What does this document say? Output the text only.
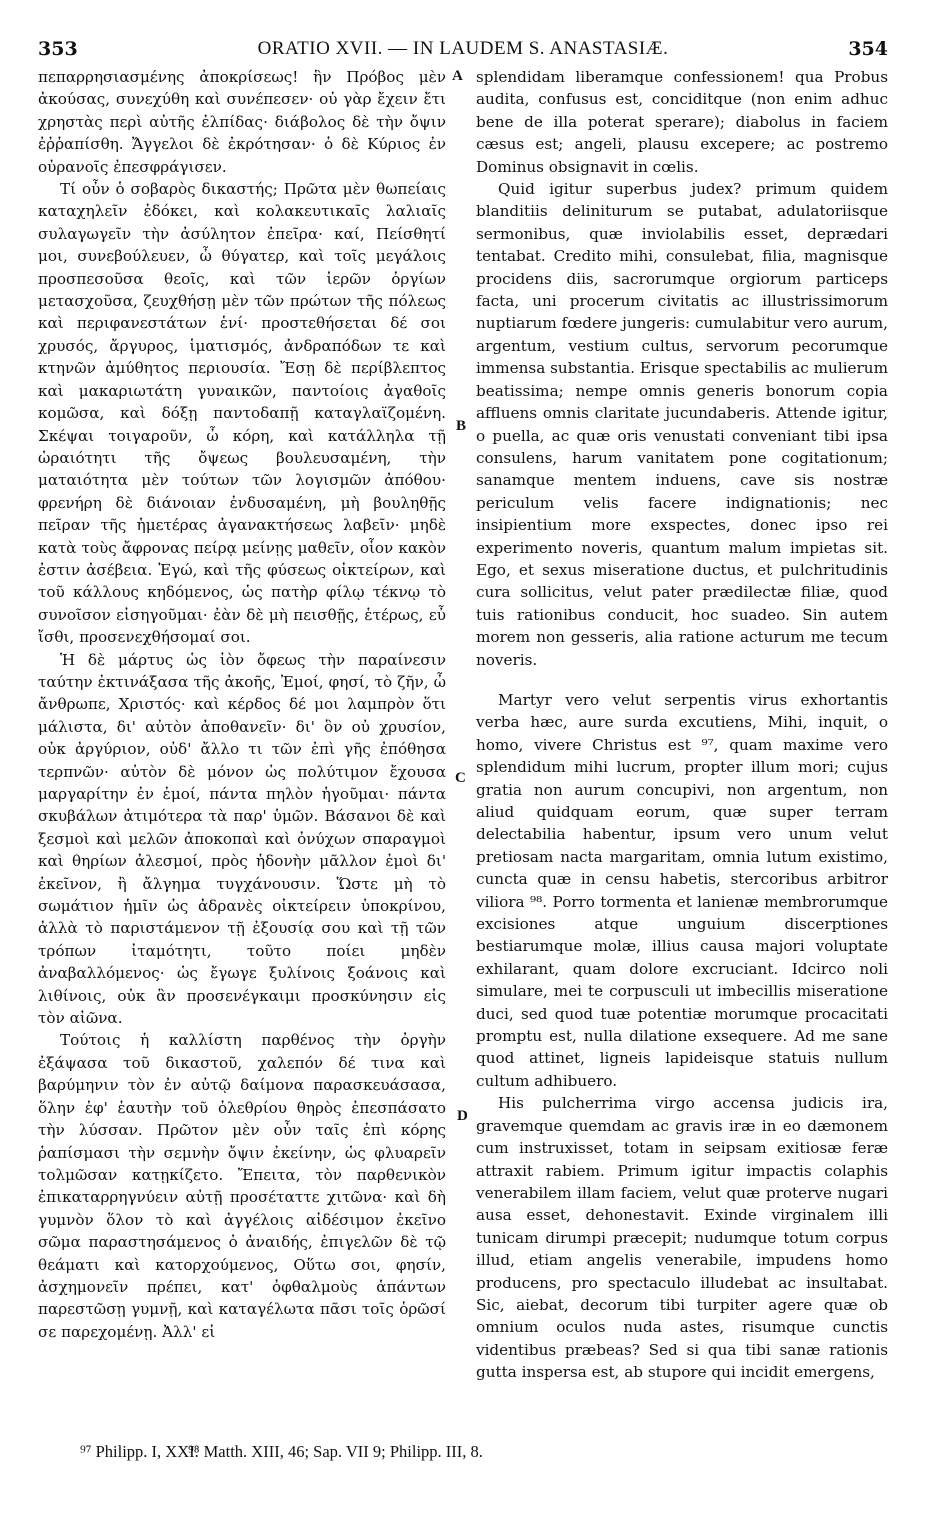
353	ORATIO XVII. — IN LAUDEM S. ANASTASIÆ.	354

πεπαρρησιασμένης ἀποκρίσεως! ἣν Πρόβος μὲν ἀκούσας, συνεχύθη καὶ συνέπεσεν· οὐ γὰρ ἔχειν ἔτι χρηστὰς περὶ αὐτῆς ἐλπίδας· διάβολος δὲ τὴν ὄψιν ἐῤῥαπίσθη. Ἄγγελοι δὲ ἐκρότησαν· ὁ δὲ Κύριος ἐν οὐρανοῖς ἐπεσφράγισεν.

Τί οὖν ὁ σοβαρὸς δικαστής; Πρῶτα μὲν θωπείαις καταχηλεῖν ἐδόκει, καὶ κολακευτικαῖς λαλιαῖς συλαγωγεῖν τὴν ἀσύλητον ἐπεῖρα· καί, Πείσθητί μοι, συνεβούλευεν, ὦ θύγατερ, καὶ τοῖς μεγάλοις προσπεσοῦσα θεοῖς, καὶ τῶν ἱερῶν ὀργίων μετασχοῦσα, ζευχθήσῃ μὲν τῶν πρώτων τῆς πόλεως καὶ περιφανεστάτων ἑνί· προστεθήσεται δέ σοι χρυσός, ἄργυρος, ἱματισμός, ἀνδραπόδων τε καὶ κτηνῶν ἀμύθητος περιουσία. Ἔσῃ δὲ περίβλεπτος καὶ μακαριωτάτη γυναικῶν, παντοίοις ἀγαθοῖς κομῶσα, καὶ δόξῃ παντοδαπῇ καταγλαϊζομένη. Σκέψαι τοιγαροῦν, ὦ κόρη, καὶ κατάλληλα τῇ ὡραιότητι τῆς ὄψεως βουλευσαμένη, τὴν ματαιότητα μὲν τούτων τῶν λογισμῶν ἀπόθου· φρενήρη δὲ διάνοιαν ἐνδυσαμένη, μὴ βουληθῇς πεῖραν τῆς ἡμετέρας ἀγανακτήσεως λαβεῖν· μηδὲ κατὰ τοὺς ἄφρονας πείρᾳ μείνῃς μαθεῖν, οἷον κακὸν ἐστιν ἀσέβεια. Ἐγώ, καὶ τῆς φύσεως οἰκτείρων, καὶ τοῦ κάλλους κηδόμενος, ὡς πατὴρ φίλῳ τέκνῳ τὸ συνοῖσον εἰσηγοῦμαι· ἐὰν δὲ μὴ πεισθῇς, ἑτέρως, εὖ ἴσθι, προσενεχθήσομαί σοι.

Ἡ δὲ μάρτυς ὡς ἰὸν ὄφεως τὴν παραίνεσιν ταύτην ἐκτινάξασα τῆς ἀκοῆς, Ἐμοί, φησί, τὸ ζῆν, ὦ ἄνθρωπε, Χριστός· καὶ κέρδος δέ μοι λαμπρὸν ὅτι μάλιστα, δι' αὐτὸν ἀποθανεῖν· δι' ὃν οὐ χρυσίον, οὐκ ἀργύριον, οὐδ' ἄλλο τι τῶν ἐπὶ γῆς ἐπόθησα τερπνῶν· αὐτὸν δὲ μόνον ὡς πολύτιμον ἔχουσα μαργαρίτην ἐν ἐμοί, πάντα πηλὸν ἡγοῦμαι· πάντα σκυβάλων ἀτιμότερα τὰ παρ' ὑμῶν. Βάσανοι δὲ καὶ ξεσμοὶ καὶ μελῶν ἀποκοπαὶ καὶ ὀνύχων σπαραγμοὶ καὶ θηρίων ἀλεσμοί, πρὸς ἡδονὴν μᾶλλον ἐμοὶ δι' ἐκεῖνον, ἢ ἄλγημα τυγχάνουσιν. Ὥστε μὴ τὸ σωμάτιον ἡμῖν ὡς ἀδρανὲς οἰκτείρειν ὑποκρίνου, ἀλλὰ τὸ παριστάμενον τῇ ἐξουσίᾳ σου καὶ τῇ τῶν τρόπων ἰταμότητι, τοῦτο ποίει μηδὲν ἀναβαλλόμενος· ὡς ἔγωγε ξυλίνοις ξοάνοις καὶ λιθίνοις, οὐκ ἂν προσενέγκαιμι προσκύνησιν εἰς τὸν αἰῶνα.

Τούτοις ἡ καλλίστη παρθένος τὴν ὀργὴν ἐξάψασα τοῦ δικαστοῦ, χαλεπόν δέ τινα καὶ βαρύμηνιν τὸν ἐν αὐτῷ δαίμονα παρασκευάσασα, ὅλην ἐφ' ἑαυτὴν τοῦ ὀλεθρίου θηρὸς ἐπεσπάσατο τὴν λύσσαν. Πρῶτον μὲν οὖν ταῖς ἐπὶ κόρης ῥαπίσμασι τὴν σεμνὴν ὄψιν ἐκείνην, ὡς φλυαρεῖν τολμῶσαν κατῃκίζετο. Ἔπειτα, τὸν παρθενικὸν ἐπικαταρρηγνύειν αὐτῇ προσέταττε χιτῶνα· καὶ δὴ γυμνὸν ὅλον τὸ καὶ ἀγγέλοις αἰδέσιμον ἐκεῖνο σῶμα παραστησάμενος ὁ ἀναιδής, ἐπιγελῶν δὲ τῷ θεάματι καὶ κατορχούμενος, Οὕτω σοι, φησίν, ἀσχημονεῖν πρέπει, κατ' ὀφθαλμοὺς ἁπάντων παρεστῶσῃ γυμνῇ, καὶ καταγέλωτα πᾶσι τοῖς ὁρῶσί σε παρεχομένῃ. Ἀλλ' εἰ

splendidam liberamque confessionem! qua Probus audita, confusus est, conciditque (non enim adhuc bene de illa poterat sperare); diabolus in faciem cæsus est; angeli, plausu excepere; ac postremo Dominus obsignavit in cœlis.

Quid igitur superbus judex? primum quidem blanditiis deliniturum se putabat, adulatoriisque sermonibus, quæ inviolabilis esset, deprædari tentabat. Credito mihi, consulebat, filia, magnisque procidens diis, sacrorumque orgiorum particeps facta, uni procerum civitatis ac illustrissimorum nuptiarum fœdere jungeris: cumulabitur vero aurum, argentum, vestium cultus, servorum pecorumque immensa substantia. Erisque spectabilis ac mulierum beatissima; nempe omnis generis bonorum copia affluens omnis claritate jucundaberis. Attende igitur, o puella, ac quæ oris venustati conveniant tibi ipsa consulens, harum vanitatem pone cogitationum; sanamque mentem induens, cave sis nostræ periculum velis facere indignationis; nec insipientium more exspectes, donec ipso rei experimento noveris, quantum malum impietas sit. Ego, et sexus miseratione ductus, et pulchritudinis cura sollicitus, velut pater prædilectæ filiæ, quod tuis rationibus conducit, hoc suadeo. Sin autem morem non gesseris, alia ratione acturum me tecum noveris.

Martyr vero velut serpentis virus exhortantis verba hæc, aure surda excutiens, Mihi, inquit, o homo, vivere Christus est ⁹⁷, quam maxime vero splendidum mihi lucrum, propter illum mori; cujus gratia non aurum concupivi, non argentum, non aliud quidquam eorum, quæ super terram delectabilia habentur, ipsum vero unum velut pretiosam nacta margaritam, omnia lutum existimo, cuncta quæ in censu habetis, stercoribus arbitror viliora ⁹⁸. Porro tormenta et lanienæ membrorumque excisiones atque unguium discerptiones bestiarumque molæ, illius causa majori voluptate exhilarant, quam dolore excruciant. Idcirco noli simulare, mei te corpusculi ut imbecillis miseratione duci, sed quod tuæ potentiæ morumque procacitati promptu est, nulla dilatione exsequere. Ad me sane quod attinet, ligneis lapideisque statuis nullum cultum adhibuero.

His pulcherrima virgo accensa judicis ira, gravemque quemdam ac gravis iræ in eo dæmonem cum instruxisset, totam in seipsam exitiosæ feræ attraxit rabiem. Primum igitur impactis colaphis venerabilem illam faciem, velut quæ proterve nugari ausa esset, dehonestavit. Exinde virginalem illi tunicam dirumpi præcepit; nudumque totum corpus illud, etiam angelis venerabile, impudens homo producens, pro spectaculo illudebat ac insultabat. Sic, aiebat, decorum tibi turpiter agere quæ ob omnium oculos nuda astes, risumque cunctis videntibus præbeas? Sed si qua tibi sanæ rationis gutta inspersa est, ab stupore qui incidit emergens,

A
B
C
D
⁹⁷ Philipp. I, XXI.
⁹⁸ Matth. XIII, 46; Sap. VII 9; Philipp. III, 8.
